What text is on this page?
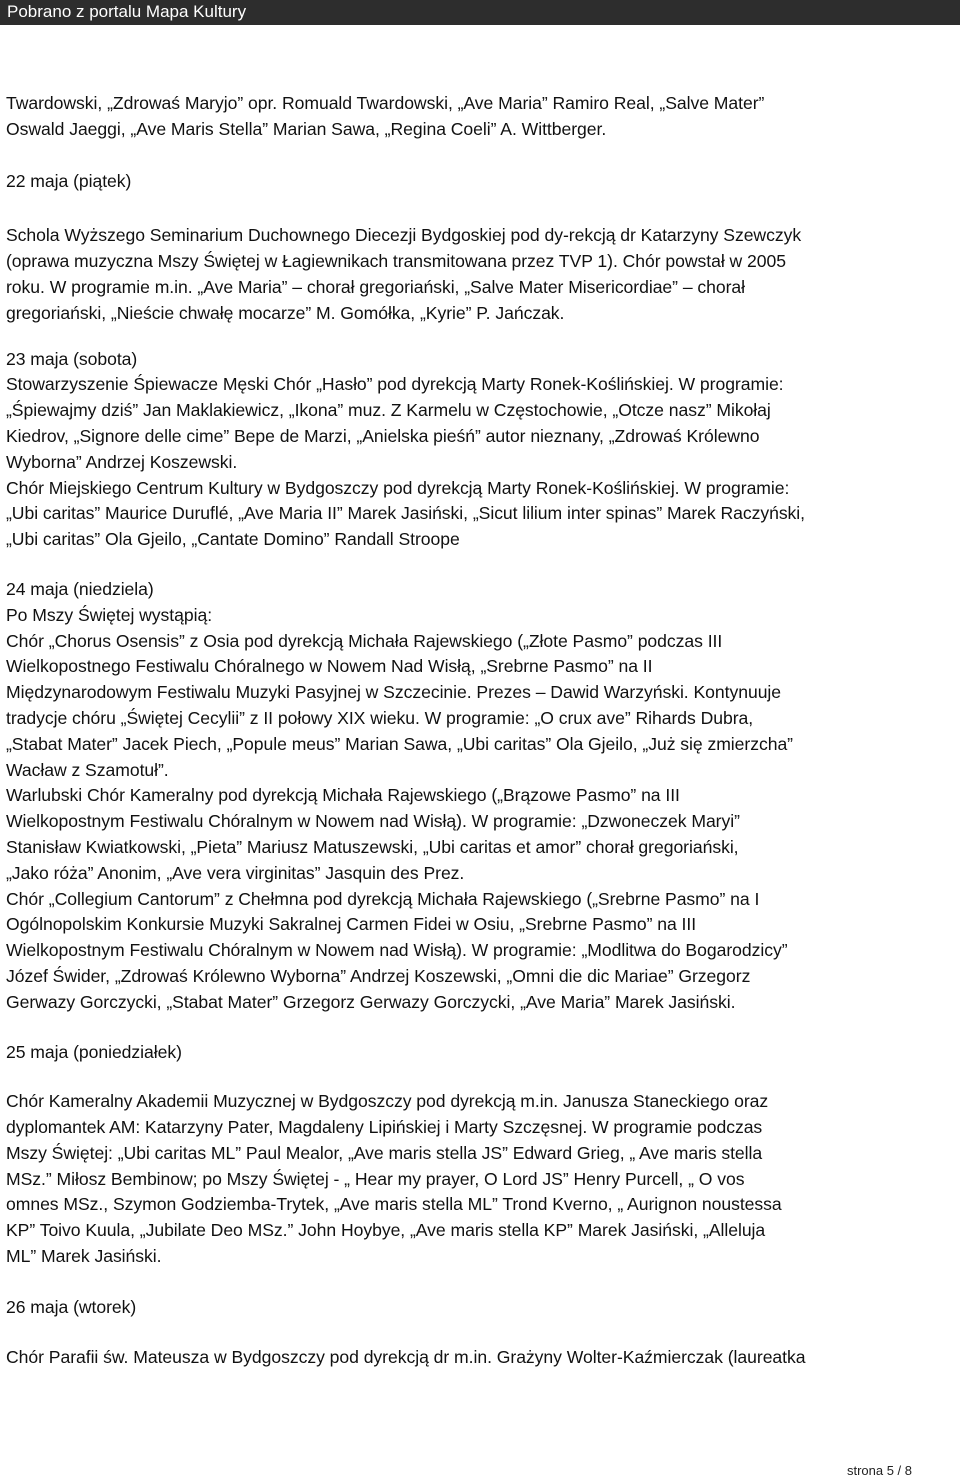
Pobrano z portalu Mapa Kultury
Twardowski, „Zdrowaś Maryjo” opr. Romuald Twardowski, „Ave Maria” Ramiro Real, „Salve Mater”
Oswald Jaeggi, „Ave Maris Stella” Marian Sawa, „Regina Coeli” A. Wittberger.
22 maja (piątek)
Schola Wyższego Seminarium Duchownego Diecezji Bydgoskiej pod dy-rekcją dr Katarzyny Szewczyk
(oprawa muzyczna Mszy Świętej w Łagiewnikach transmitowana przez TVP 1). Chór powstał w 2005
roku. W programie m.in. „Ave Maria” – chorał gregoriański, „Salve Mater Misericordiae” – chorał
gregoriański, „Nieście chwałę mocarze” M. Gomółka, „Kyrie” P. Jańczak.
23 maja (sobota)
Stowarzyszenie Śpiewacze Męski Chór „Hasło” pod dyrekcją Marty Ronek-Koślińskiej. W programie:
„Śpiewajmy dziś” Jan Maklakiewicz, „Ikona” muz. Z Karmelu w Częstochowie, „Otcze nasz” Mikołaj
Kiedrov, „Signore delle cime” Bepe de Marzi, „Anielska pieśń” autor nieznany, „Zdrowaś Królewno
Wyborna” Andrzej Koszewski.
Chór Miejskiego Centrum Kultury w Bydgoszczy pod dyrekcją Marty Ronek-Koślińskiej. W programie:
„Ubi caritas” Maurice Duruflé, „Ave Maria II” Marek Jasiński, „Sicut lilium inter spinas” Marek Raczyński,
„Ubi caritas” Ola Gjeilo, „Cantate Domino” Randall Stroope
24 maja (niedziela)
Po Mszy Świętej wystąpią:
Chór „Chorus Osensis” z Osia pod dyrekcją Michała Rajewskiego („Złote Pasmo” podczas III
Wielkopostnego Festiwalu Chóralnego w Nowem Nad Wisłą, „Srebrne Pasmo” na II
Międzynarodowym Festiwalu Muzyki Pasyjnej w Szczecinie. Prezes – Dawid Warzyński. Kontynuuje
tradycje chóru „Świętej Cecylii” z II połowy XIX wieku. W programie: „O crux ave” Rihards Dubra,
„Stabat Mater” Jacek Piech, „Popule meus” Marian Sawa, „Ubi caritas” Ola Gjeilo, „Już się zmierzcha”
Wacław z Szamotuł”.
Warlubski Chór Kameralny pod dyrekcją Michała Rajewskiego („Brązowe Pasmo” na III
Wielkopostnym Festiwalu Chóralnym w Nowem nad Wisłą). W programie: „Dzwoneczek Maryi”
Stanisław Kwiatkowski, „Pieta” Mariusz Matuszewski, „Ubi caritas et amor” chorał gregoriański,
„Jako róża” Anonim, „Ave vera virginitas” Jasquin des Prez.
Chór „Collegium Cantorum” z Chełmna pod dyrekcją Michała Rajewskiego („Srebrne Pasmo” na I
Ogólnopolskim Konkursie Muzyki Sakralnej Carmen Fidei w Osiu, „Srebrne Pasmo” na III
Wielkopostnym Festiwalu Chóralnym w Nowem nad Wisłą). W programie: „Modlitwa do Bogarodzicy”
Józef Świder, „Zdrowaś Królewno Wyborna” Andrzej Koszewski, „Omni die dic Mariae” Grzegorz
Gerwazy Gorczycki, „Stabat Mater” Grzegorz Gerwazy Gorczycki, „Ave Maria” Marek Jasiński.
25 maja (poniedziałek)
Chór Kameralny Akademii Muzycznej w Bydgoszczy pod dyrekcją m.in. Janusza Staneckiego oraz
dyplomantek AM: Katarzyny Pater, Magdaleny Lipińskiej i Marty Szczęsnej. W programie podczas
Mszy Świętej: „Ubi caritas ML” Paul Mealor, „Ave maris stella JS” Edward Grieg, „ Ave maris stella
MSz.” Miłosz Bembinow; po Mszy Świętej - „ Hear my prayer, O Lord JS” Henry Purcell, „ O vos
omnes MSz., Szymon Godziemba-Trytek, „Ave maris stella ML” Trond Kverno, „ Aurignon noustessa
KP” Toivo Kuula, „Jubilate Deo MSz.” John Hoybye, „Ave maris stella KP” Marek Jasiński, „Alleluja
ML” Marek Jasiński.
26 maja (wtorek)
Chór Parafii św. Mateusza w Bydgoszczy pod dyrekcją dr m.in. Grażyny Wolter-Kaźmierczak (laureatka
strona 5 / 8
